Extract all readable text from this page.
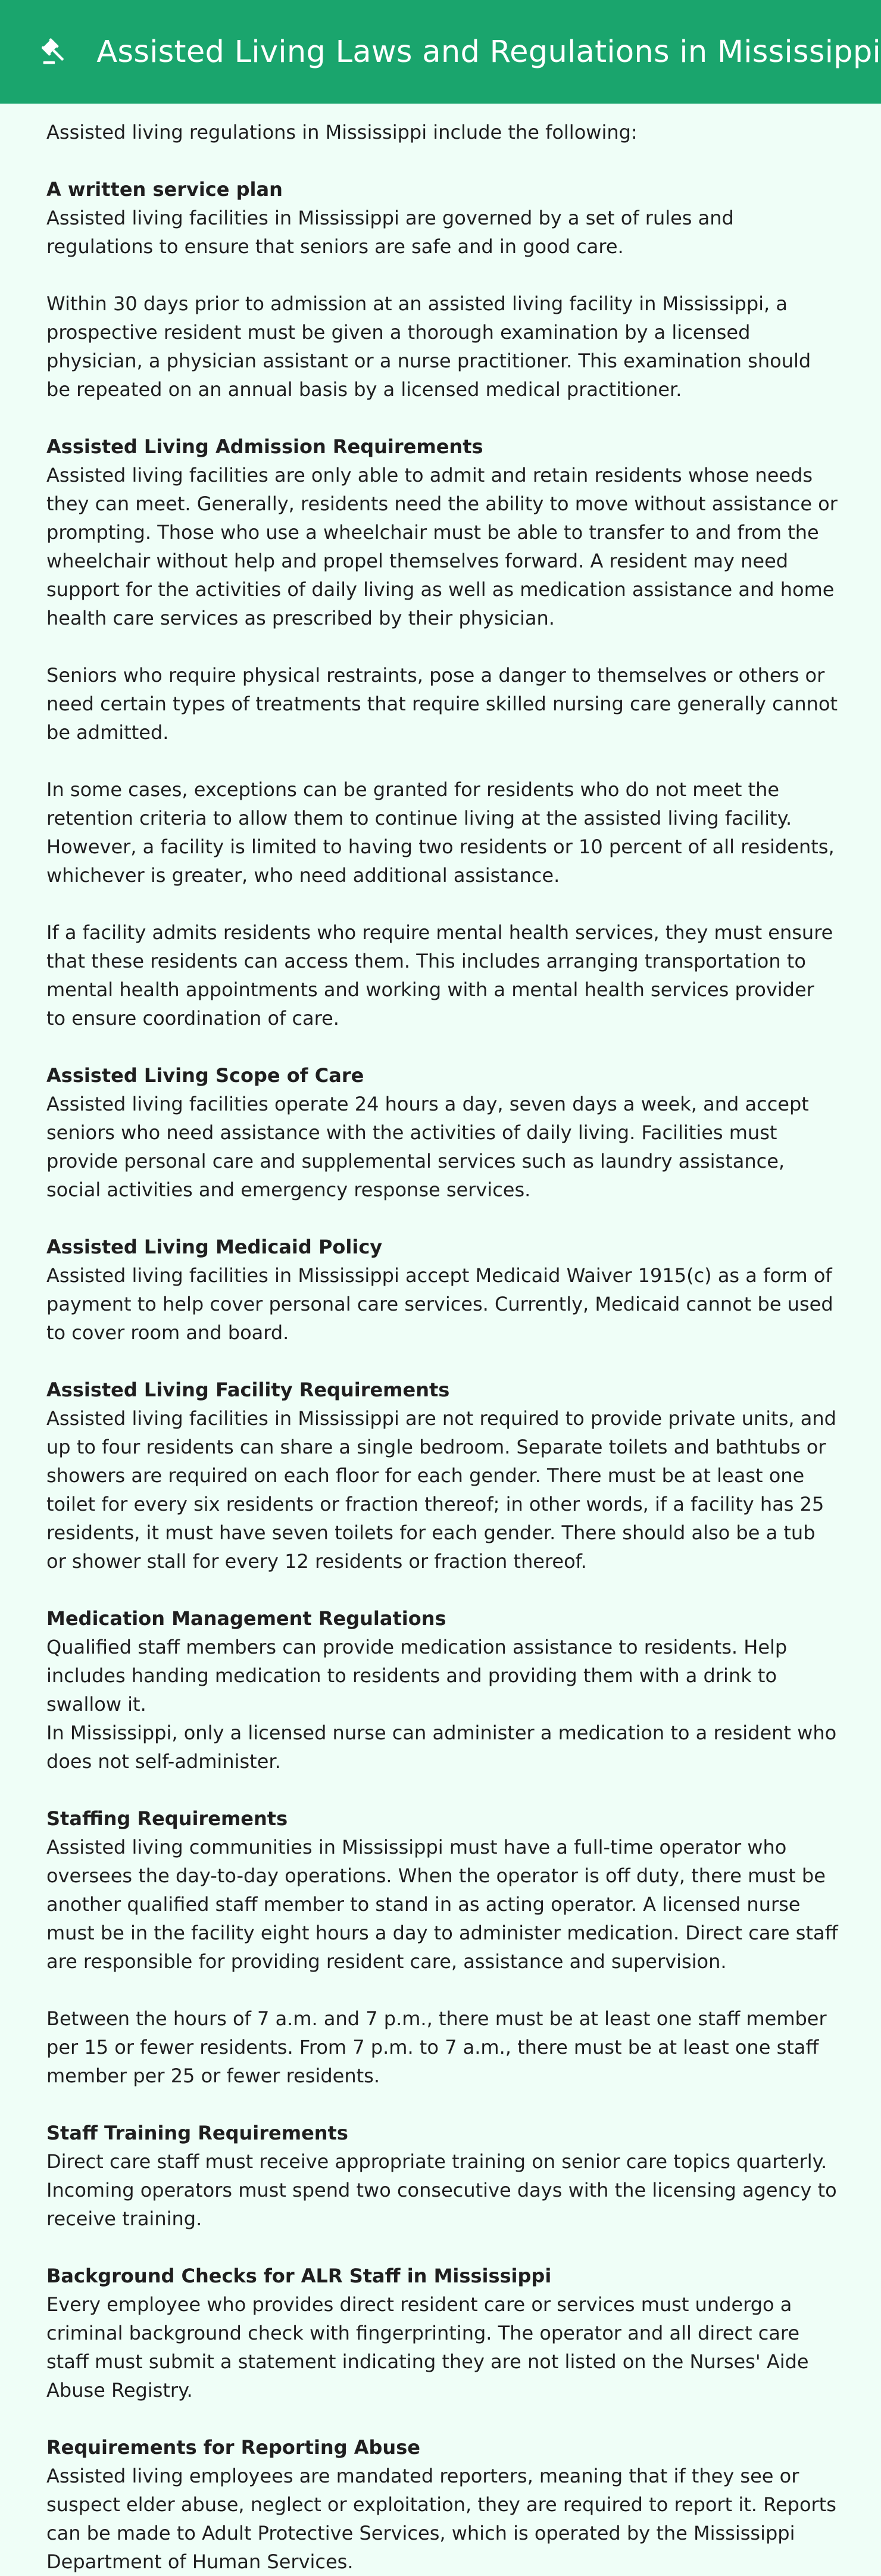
Assisted Living Laws and Regulations in Mississippi

Assisted living regulations in Mississippi include the following:

A written service plan

Assisted living facilities in Mississippi are governed by a set of rules and regulations to ensure that seniors are safe and in good care.

Within 30 days prior to admission at an assisted living facility in Mississippi, a prospective resident must be given a thorough examination by a licensed physician, a physician assistant or a nurse practitioner. This examination should be repeated on an annual basis by a licensed medical practitioner.

Assisted Living Admission Requirements

Assisted living facilities are only able to admit and retain residents whose needs they can meet. Generally, residents need the ability to move without assistance or prompting. Those who use a wheelchair must be able to transfer to and from the wheelchair without help and propel themselves forward. A resident may need support for the activities of daily living as well as medication assistance and home health care services as prescribed by their physician.

Seniors who require physical restraints, pose a danger to themselves or others or need certain types of treatments that require skilled nursing care generally cannot be admitted.

In some cases, exceptions can be granted for residents who do not meet the retention criteria to allow them to continue living at the assisted living facility. However, a facility is limited to having two residents or 10 percent of all residents, whichever is greater, who need additional assistance.

If a facility admits residents who require mental health services, they must ensure that these residents can access them. This includes arranging transportation to mental health appointments and working with a mental health services provider to ensure coordination of care.

Assisted Living Scope of Care

Assisted living facilities operate 24 hours a day, seven days a week, and accept seniors who need assistance with the activities of daily living. Facilities must provide personal care and supplemental services such as laundry assistance, social activities and emergency response services.

Assisted Living Medicaid Policy

Assisted living facilities in Mississippi accept Medicaid Waiver 1915(c) as a form of payment to help cover personal care services. Currently, Medicaid cannot be used to cover room and board.

Assisted Living Facility Requirements

Assisted living facilities in Mississippi are not required to provide private units, and up to four residents can share a single bedroom. Separate toilets and bathtubs or showers are required on each floor for each gender. There must be at least one toilet for every six residents or fraction thereof; in other words, if a facility has 25 residents, it must have seven toilets for each gender. There should also be a tub or shower stall for every 12 residents or fraction thereof.

Medication Management Regulations

Qualified staff members can provide medication assistance to residents. Help includes handing medication to residents and providing them with a drink to swallow it.

In Mississippi, only a licensed nurse can administer a medication to a resident who does not self-administer.

Staffing Requirements

Assisted living communities in Mississippi must have a full-time operator who oversees the day-to-day operations. When the operator is off duty, there must be another qualified staff member to stand in as acting operator. A licensed nurse must be in the facility eight hours a day to administer medication. Direct care staff are responsible for providing resident care, assistance and supervision.

Between the hours of 7 a.m. and 7 p.m., there must be at least one staff member per 15 or fewer residents. From 7 p.m. to 7 a.m., there must be at least one staff member per 25 or fewer residents.

Staff Training Requirements

Direct care staff must receive appropriate training on senior care topics quarterly. Incoming operators must spend two consecutive days with the licensing agency to receive training.

Background Checks for ALR Staff in Mississippi

Every employee who provides direct resident care or services must undergo a criminal background check with fingerprinting. The operator and all direct care staff must submit a statement indicating they are not listed on the Nurses' Aide Abuse Registry.

Requirements for Reporting Abuse

Assisted living employees are mandated reporters, meaning that if they see or suspect elder abuse, neglect or exploitation, they are required to report it. Reports can be made to Adult Protective Services, which is operated by the Mississippi Department of Human Services.
